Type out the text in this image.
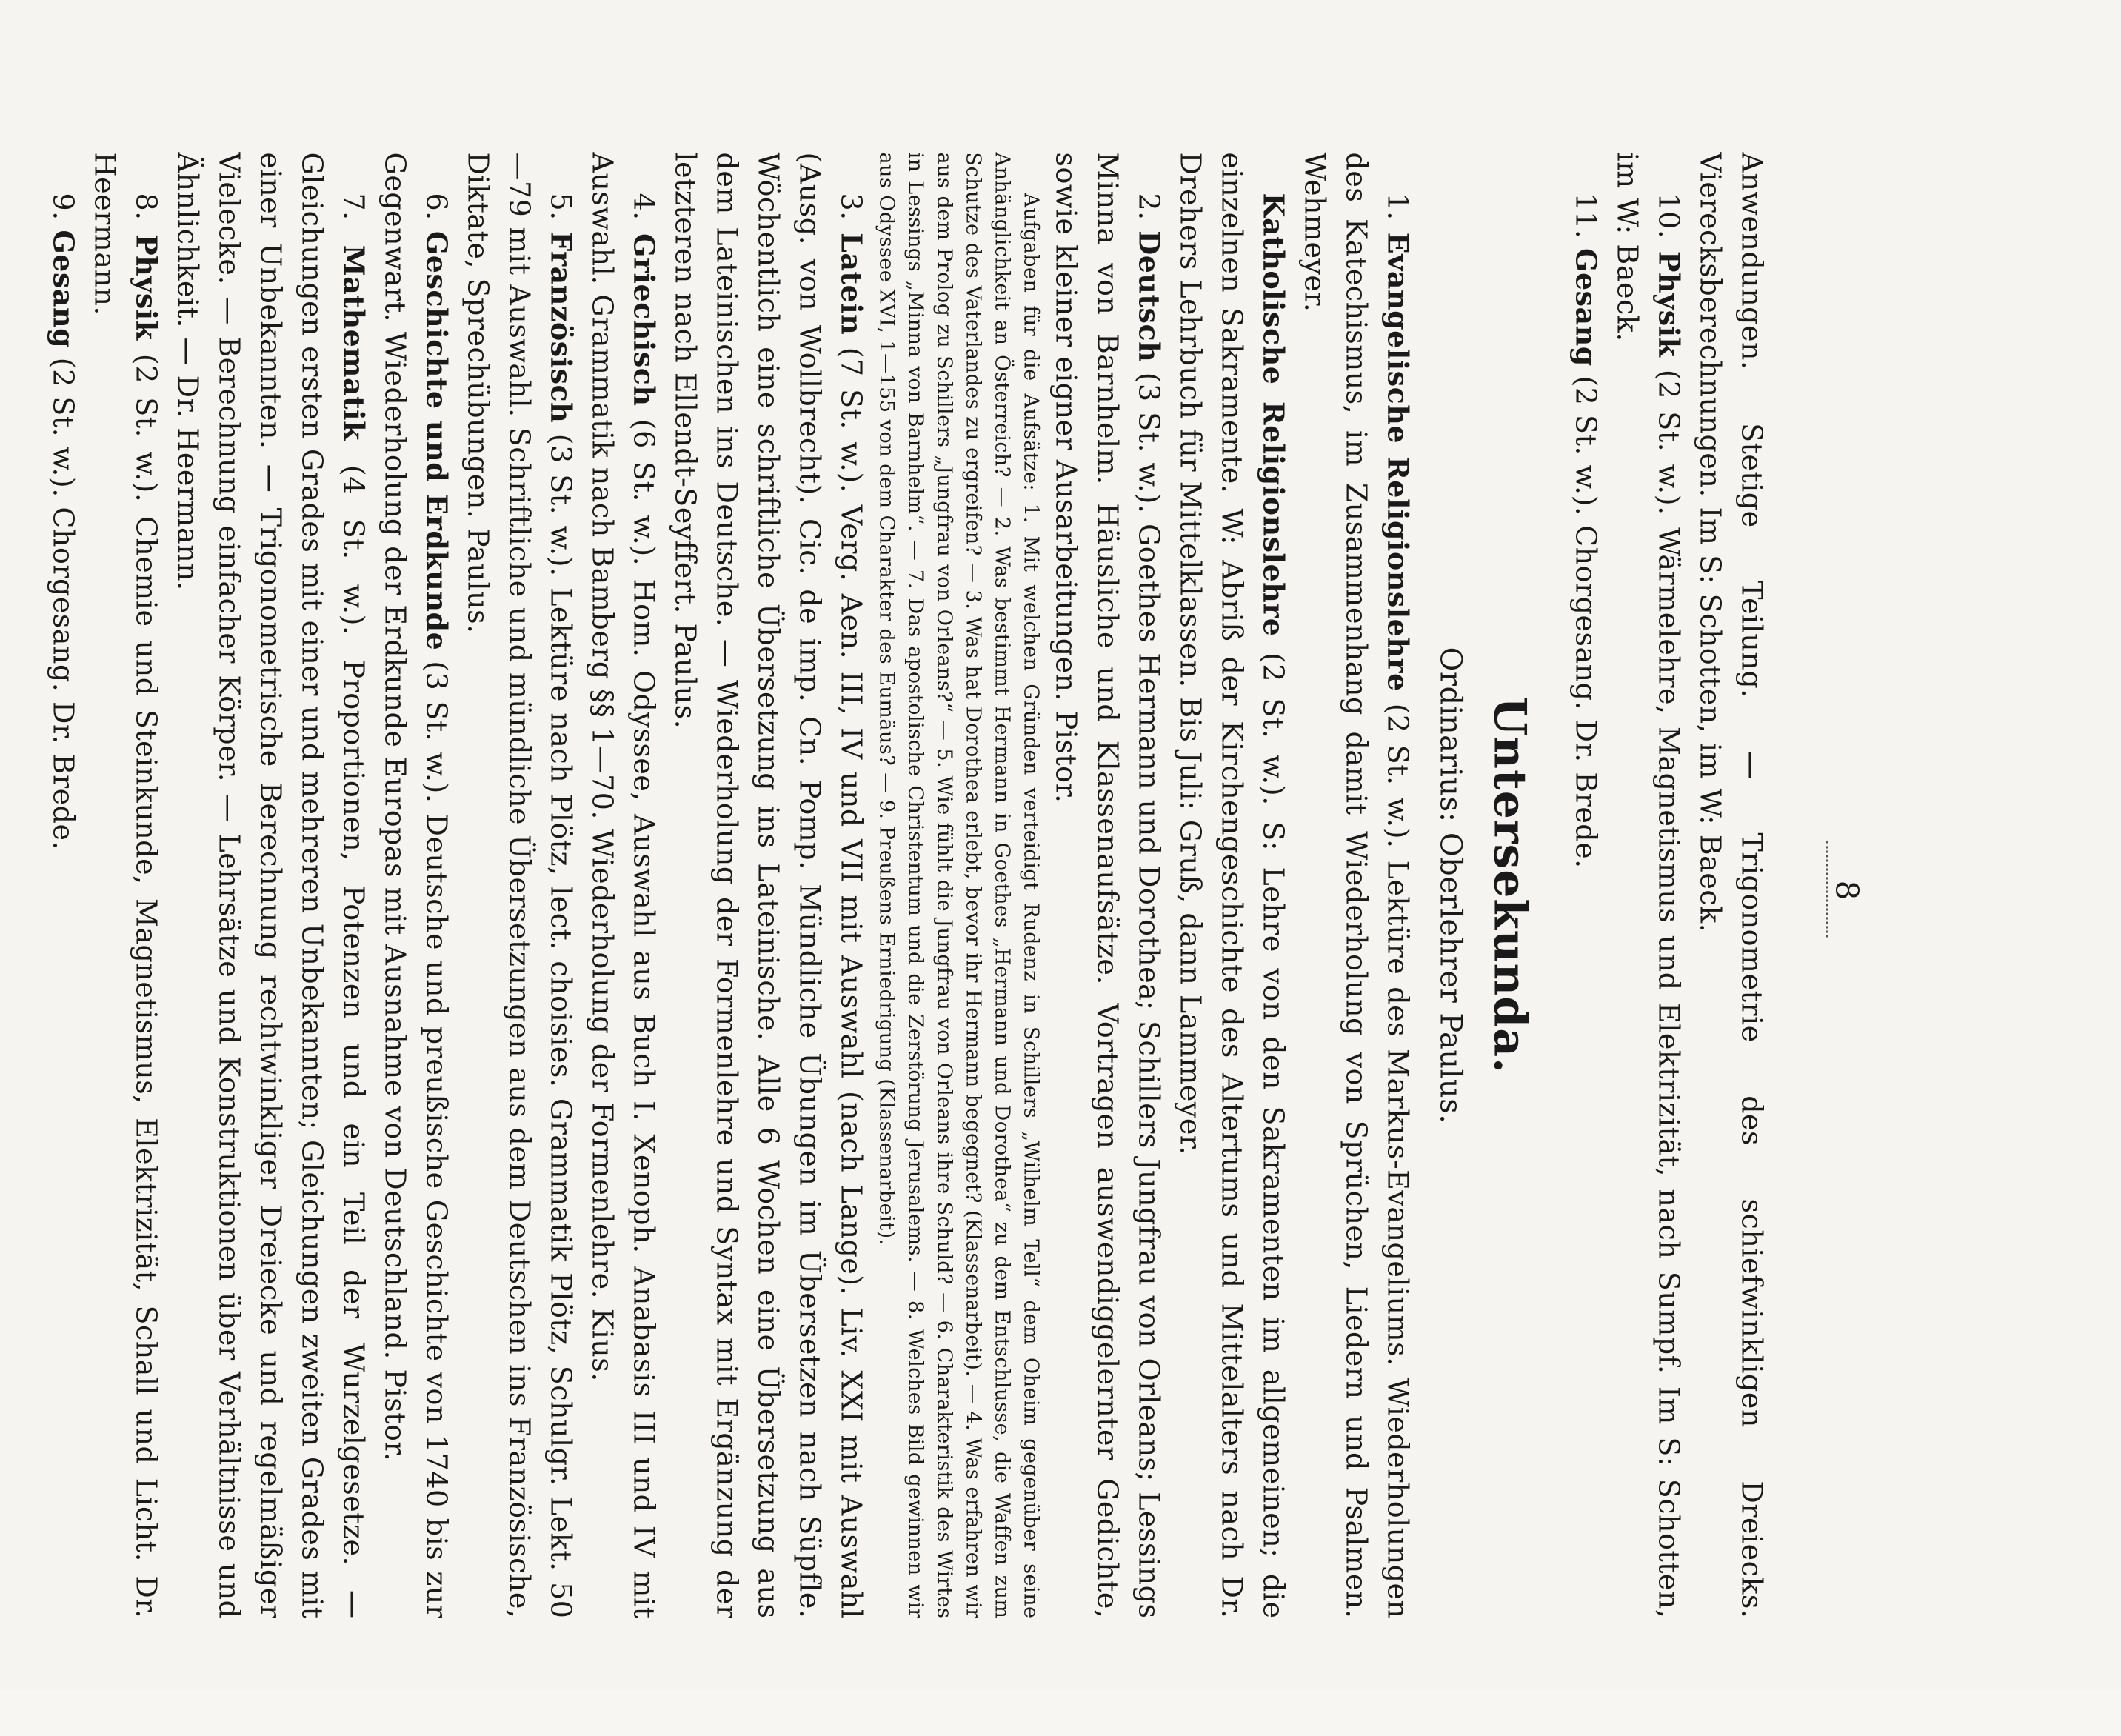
8

Anwendungen. Stetige Teilung. — Trigonometrie des schiefwinkligen Dreiecks. Vierecksberechnungen. Im S: Schotten, im W: Baeck.

10. Physik (2 St. w.). Wärmelehre, Magnetismus und Elektrizität, nach Sumpf. Im S: Schotten, im W: Baeck.

11. Gesang (2 St. w.). Chorgesang. Dr. Brede.

Untersekunda.

Ordinarius: Oberlehrer Paulus.

1. Evangelische Religionslehre (2 St. w.). Lektüre des Markus-Evangeliums. Wiederholungen des Katechismus, im Zusammenhang damit Wiederholung von Sprüchen, Liedern und Psalmen. Wehmeyer.

Katholische Religionslehre (2 St. w.). S: Lehre von den Sakramenten im allgemeinen; die einzelnen Sakramente. W: Abriß der Kirchengeschichte des Altertums und Mittelalters nach Dr. Drehers Lehrbuch für Mittelklassen. Bis Juli: Gruß, dann Lammeyer.

2. Deutsch (3 St. w.). Goethes Hermann und Dorothea; Schillers Jungfrau von Orleans; Lessings Minna von Barnhelm. Häusliche und Klassenaufsätze. Vortragen auswendiggelernter Gedichte, sowie kleiner eigner Ausarbeitungen. Pistor.

Aufgaben für die Aufsätze: 1. Mit welchen Gründen verteidigt Rudenz in Schillers „Wilhelm Tell“ dem Oheim gegenüber seine Anhänglichkeit an Österreich? — 2. Was bestimmt Hermann in Goethes „Hermann und Dorothea“ zu dem Entschlusse, die Waffen zum Schutze des Vaterlandes zu ergreifen? — 3. Was hat Dorothea erlebt, bevor ihr Hermann begegnet? (Klassenarbeit). — 4. Was erfahren wir aus dem Prolog zu Schillers „Jungfrau von Orleans?“ — 5. Wie fühlt die Jungfrau von Orleans ihre Schuld? — 6. Charakteristik des Wirtes in Lessings „Minna von Barnhelm“. — 7. Das apostolische Christentum und die Zerstörung Jerusalems. — 8. Welches Bild gewinnen wir aus Odyssee XVI, 1—155 von dem Charakter des Eumäus? — 9. Preußens Erniedrigung (Klassenarbeit).

3. Latein (7 St. w.). Verg. Aen. III, IV und VII mit Auswahl (nach Lange). Liv. XXI mit Auswahl (Ausg. von Wollbrecht). Cic. de imp. Cn. Pomp. Mündliche Übungen im Übersetzen nach Süpfle. Wöchentlich eine schriftliche Übersetzung ins Lateinische. Alle 6 Wochen eine Übersetzung aus dem Lateinischen ins Deutsche. — Wiederholung der Formenlehre und Syntax mit Ergänzung der letzteren nach Ellendt-Seyffert. Paulus.

4. Griechisch (6 St. w.). Hom. Odyssee, Auswahl aus Buch I. Xenoph. Anabasis III und IV mit Auswahl. Grammatik nach Bamberg §§ 1—70. Wiederholung der Formenlehre. Kius.

5. Französisch (3 St. w.). Lektüre nach Plötz, lect. choisies. Grammatik Plötz, Schulgr. Lekt. 50—79 mit Auswahl. Schriftliche und mündliche Übersetzungen aus dem Deutschen ins Französische, Diktate, Sprechübungen. Paulus.

6. Geschichte und Erdkunde (3 St. w.). Deutsche und preußische Geschichte von 1740 bis zur Gegenwart. Wiederholung der Erdkunde Europas mit Ausnahme von Deutschland. Pistor.

7. Mathematik (4 St. w.). Proportionen, Potenzen und ein Teil der Wurzelgesetze. — Gleichungen ersten Grades mit einer und mehreren Unbekannten; Gleichungen zweiten Grades mit einer Unbekannten. — Trigonometrische Berechnung rechtwinkliger Dreiecke und regelmäßiger Vielecke. — Berechnung einfacher Körper. — Lehrsätze und Konstruktionen über Verhältnisse und Ähnlichkeit. — Dr. Heermann.

8. Physik (2 St. w.). Chemie und Steinkunde, Magnetismus, Elektrizität, Schall und Licht. Dr. Heermann.

9. Gesang (2 St. w.). Chorgesang. Dr. Brede.
